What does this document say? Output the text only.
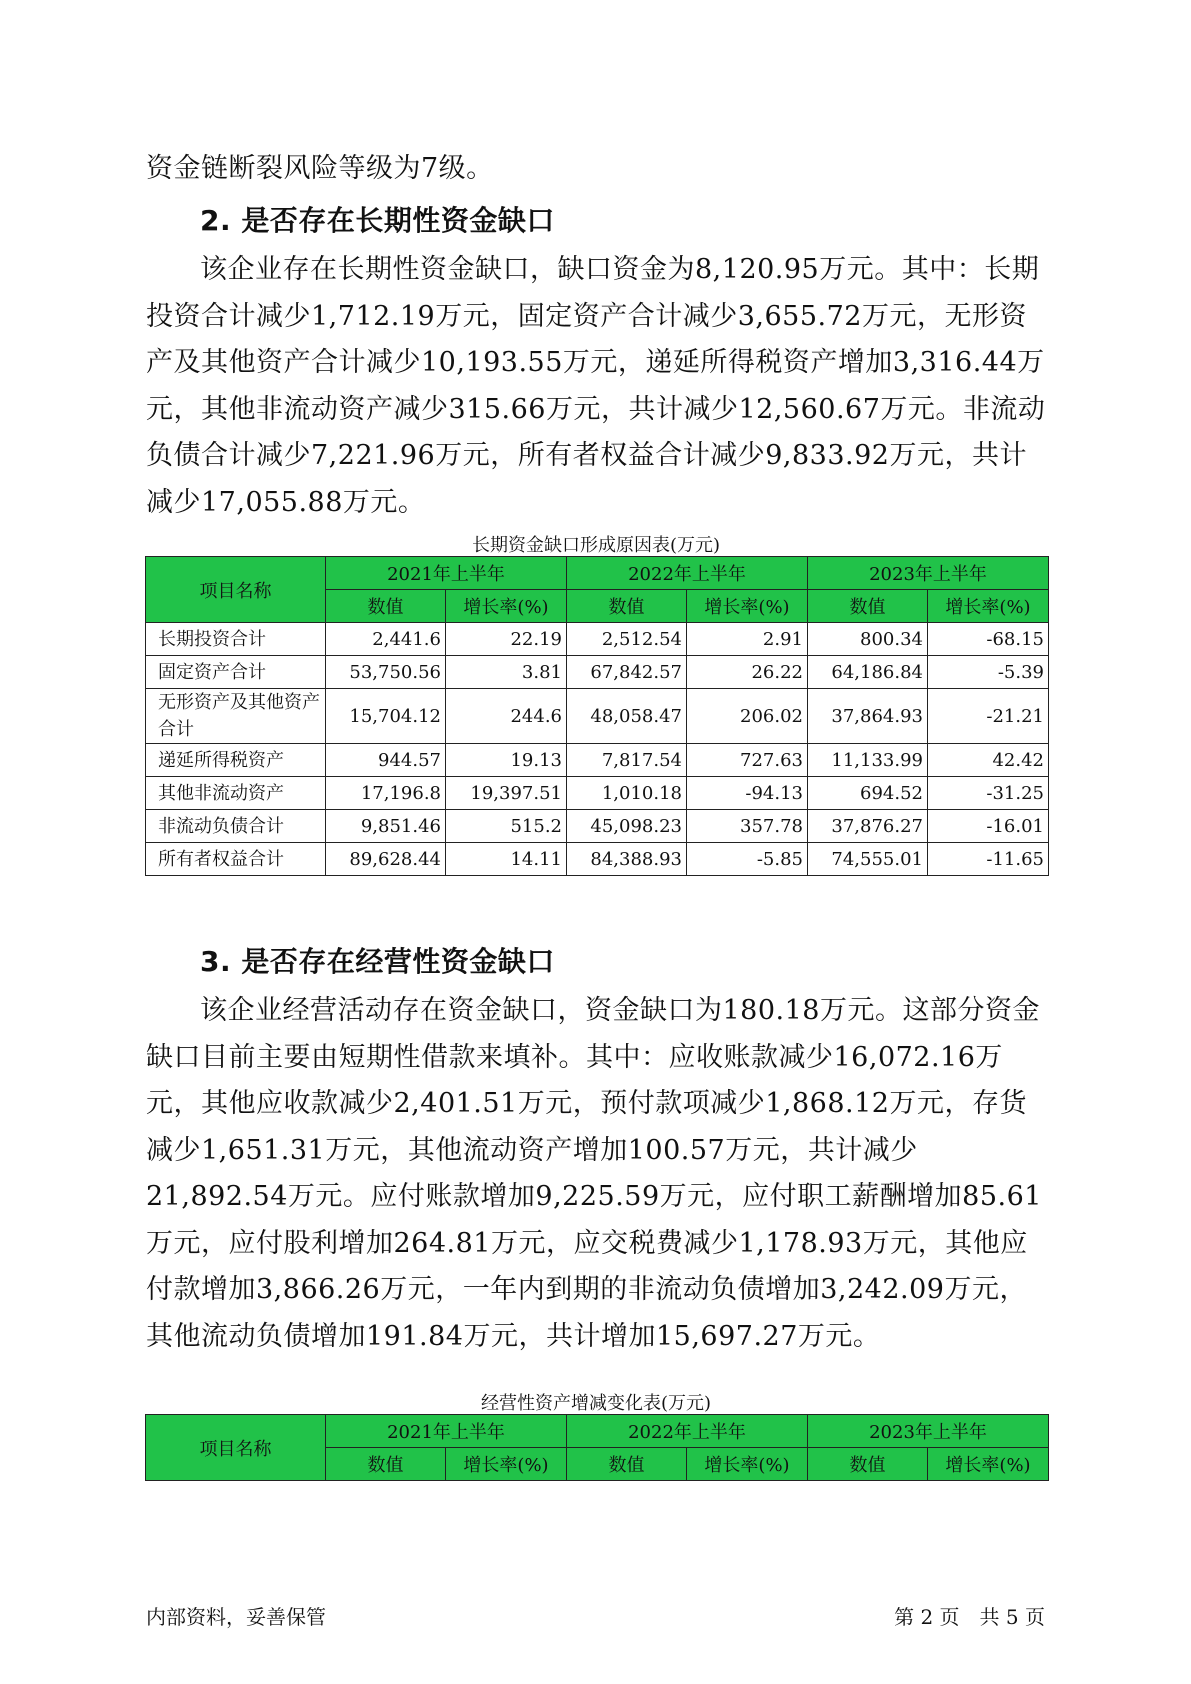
资金链断裂风险等级为7级。

2. 是否存在长期性资金缺口

该企业存在长期性资金缺口，缺口资金为8,120.95万元。其中：长期投资合计减少1,712.19万元，固定资产合计减少3,655.72万元，无形资产及其他资产合计减少10,193.55万元，递延所得税资产增加3,316.44万元，其他非流动资产减少315.66万元，共计减少12,560.67万元。非流动负债合计减少7,221.96万元，所有者权益合计减少9,833.92万元，共计减少17,055.88万元。

长期资金缺口形成原因表(万元)

项目名称	2021年上半年		2022年上半年		2023年上半年	
	数值	增长率(%)	数值	增长率(%)	数值	增长率(%)
长期投资合计	2,441.6	22.19	2,512.54	2.91	800.34	-68.15
固定资产合计	53,750.56	3.81	67,842.57	26.22	64,186.84	-5.39
无形资产及其他资产合计	15,704.12	244.6	48,058.47	206.02	37,864.93	-21.21
递延所得税资产	944.57	19.13	7,817.54	727.63	11,133.99	42.42
其他非流动资产	17,196.8	19,397.51	1,010.18	-94.13	694.52	-31.25
非流动负债合计	9,851.46	515.2	45,098.23	357.78	37,876.27	-16.01
所有者权益合计	89,628.44	14.11	84,388.93	-5.85	74,555.01	-11.65
3. 是否存在经营性资金缺口

该企业经营活动存在资金缺口，资金缺口为180.18万元。这部分资金缺口目前主要由短期性借款来填补。其中：应收账款减少16,072.16万元，其他应收款减少2,401.51万元，预付款项减少1,868.12万元，存货减少1,651.31万元，其他流动资产增加100.57万元，共计减少21,892.54万元。应付账款增加9,225.59万元，应付职工薪酬增加85.61万元，应付股利增加264.81万元，应交税费减少1,178.93万元，其他应付款增加3,866.26万元，一年内到期的非流动负债增加3,242.09万元，其他流动负债增加191.84万元，共计增加15,697.27万元。

经营性资产增减变化表(万元)

项目名称	2021年上半年		2022年上半年		2023年上半年	
	数值	增长率(%)	数值	增长率(%)	数值	增长率(%)

内部资料，妥善保管	第 2 页　共 5 页
